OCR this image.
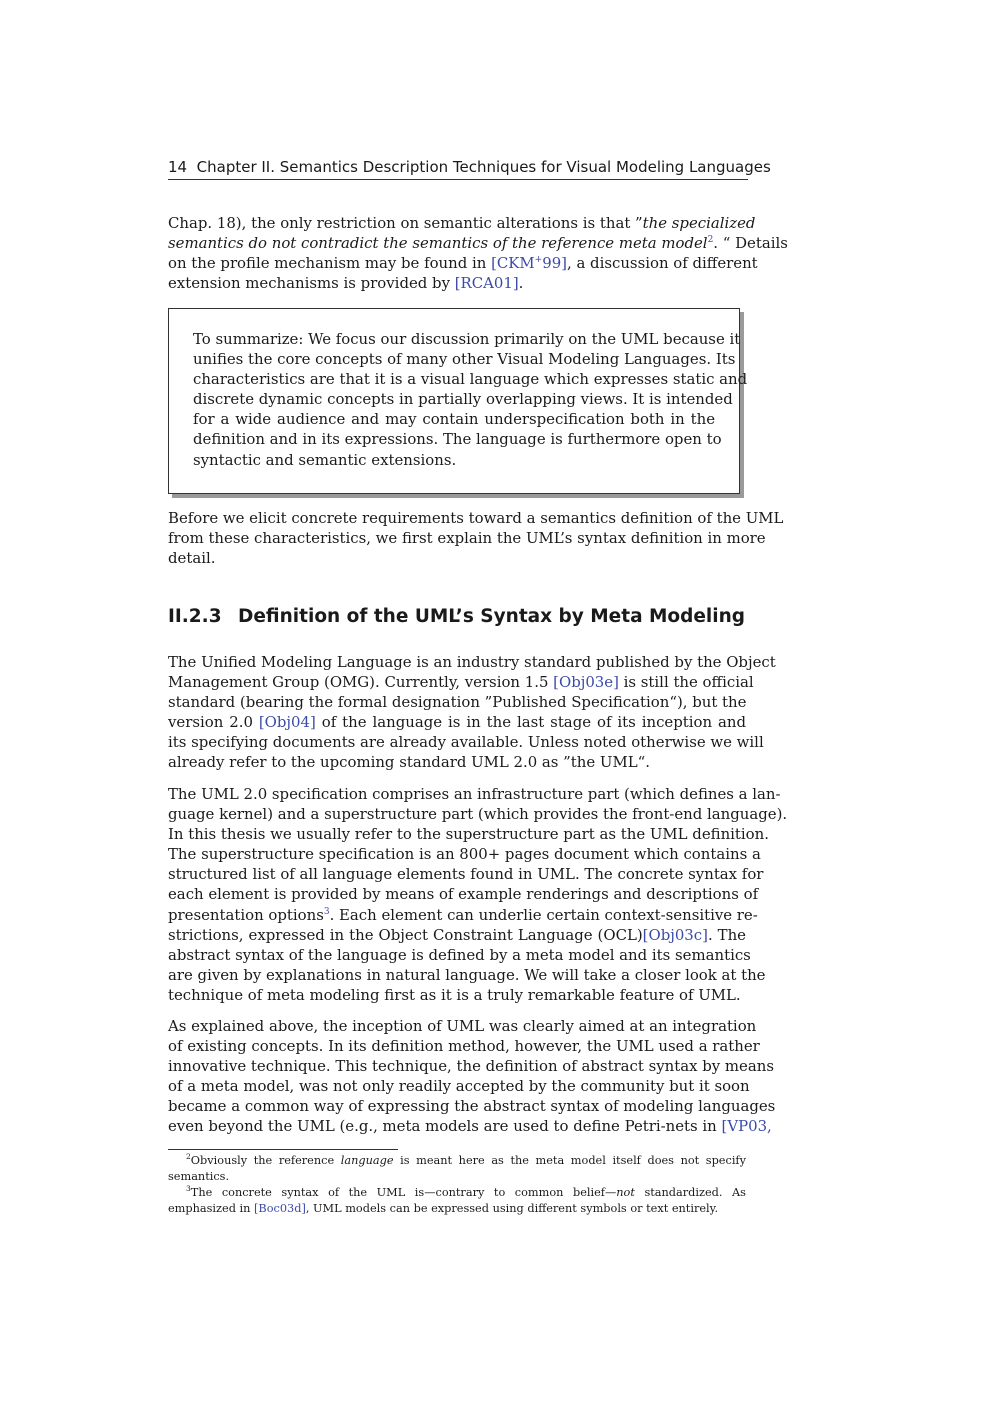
14 Chapter II. Semantics Description Techniques for Visual Modeling Languages
Chap. 18), the only restriction on semantic alterations is that ”the specialized
semantics do not contradict the semantics of the reference meta model$^2$. “ Details
on the profile mechanism may be found in [CKM+99], a discussion of different
extension mechanisms is provided by [RCA01].
To summarize: We focus our discussion primarily on the UML because it
unifies the core concepts of many other Visual Modeling Languages. Its
characteristics are that it is a visual language which expresses static and
discrete dynamic concepts in partially overlapping views. It is intended
for a wide audience and may contain underspecification both in the
definition and in its expressions. The language is furthermore open to
syntactic and semantic extensions.
Before we elicit concrete requirements toward a semantics definition of the UML
from these characteristics, we first explain the UML’s syntax definition in more
detail.
II.2.3 Definition of the UML’s Syntax by Meta Modeling
The Unified Modeling Language is an industry standard published by the Object
Management Group (OMG). Currently, version 1.5 [Obj03e] is still the official
standard (bearing the formal designation ”Published Specification“), but the
version 2.0 [Obj04] of the language is in the last stage of its inception and
its specifying documents are already available. Unless noted otherwise we will
already refer to the upcoming standard UML 2.0 as ”the UML“.
The UML 2.0 specification comprises an infrastructure part (which defines a lan-
guage kernel) and a superstructure part (which provides the front-end language).
In this thesis we usually refer to the superstructure part as the UML definition.
The superstructure specification is an 800+ pages document which contains a
structured list of all language elements found in UML. The concrete syntax for
each element is provided by means of example renderings and descriptions of
presentation options$^3$. Each element can underlie certain context-sensitive re-
strictions, expressed in the Object Constraint Language (OCL)[Obj03c]. The
abstract syntax of the language is defined by a meta model and its semantics
are given by explanations in natural language. We will take a closer look at the
technique of meta modeling first as it is a truly remarkable feature of UML.
As explained above, the inception of UML was clearly aimed at an integration
of existing concepts. In its definition method, however, the UML used a rather
innovative technique. This technique, the definition of abstract syntax by means
of a meta model, was not only readily accepted by the community but it soon
became a common way of expressing the abstract syntax of modeling languages
even beyond the UML (e.g., meta models are used to define Petri-nets in [VP03,
$^2$Obviously the reference language is meant here as the meta model itself does not specify
semantics.
$^3$The concrete syntax of the UML is—contrary to common belief—not standardized. As
emphasized in [Boc03d], UML models can be expressed using different symbols or text entirely.
